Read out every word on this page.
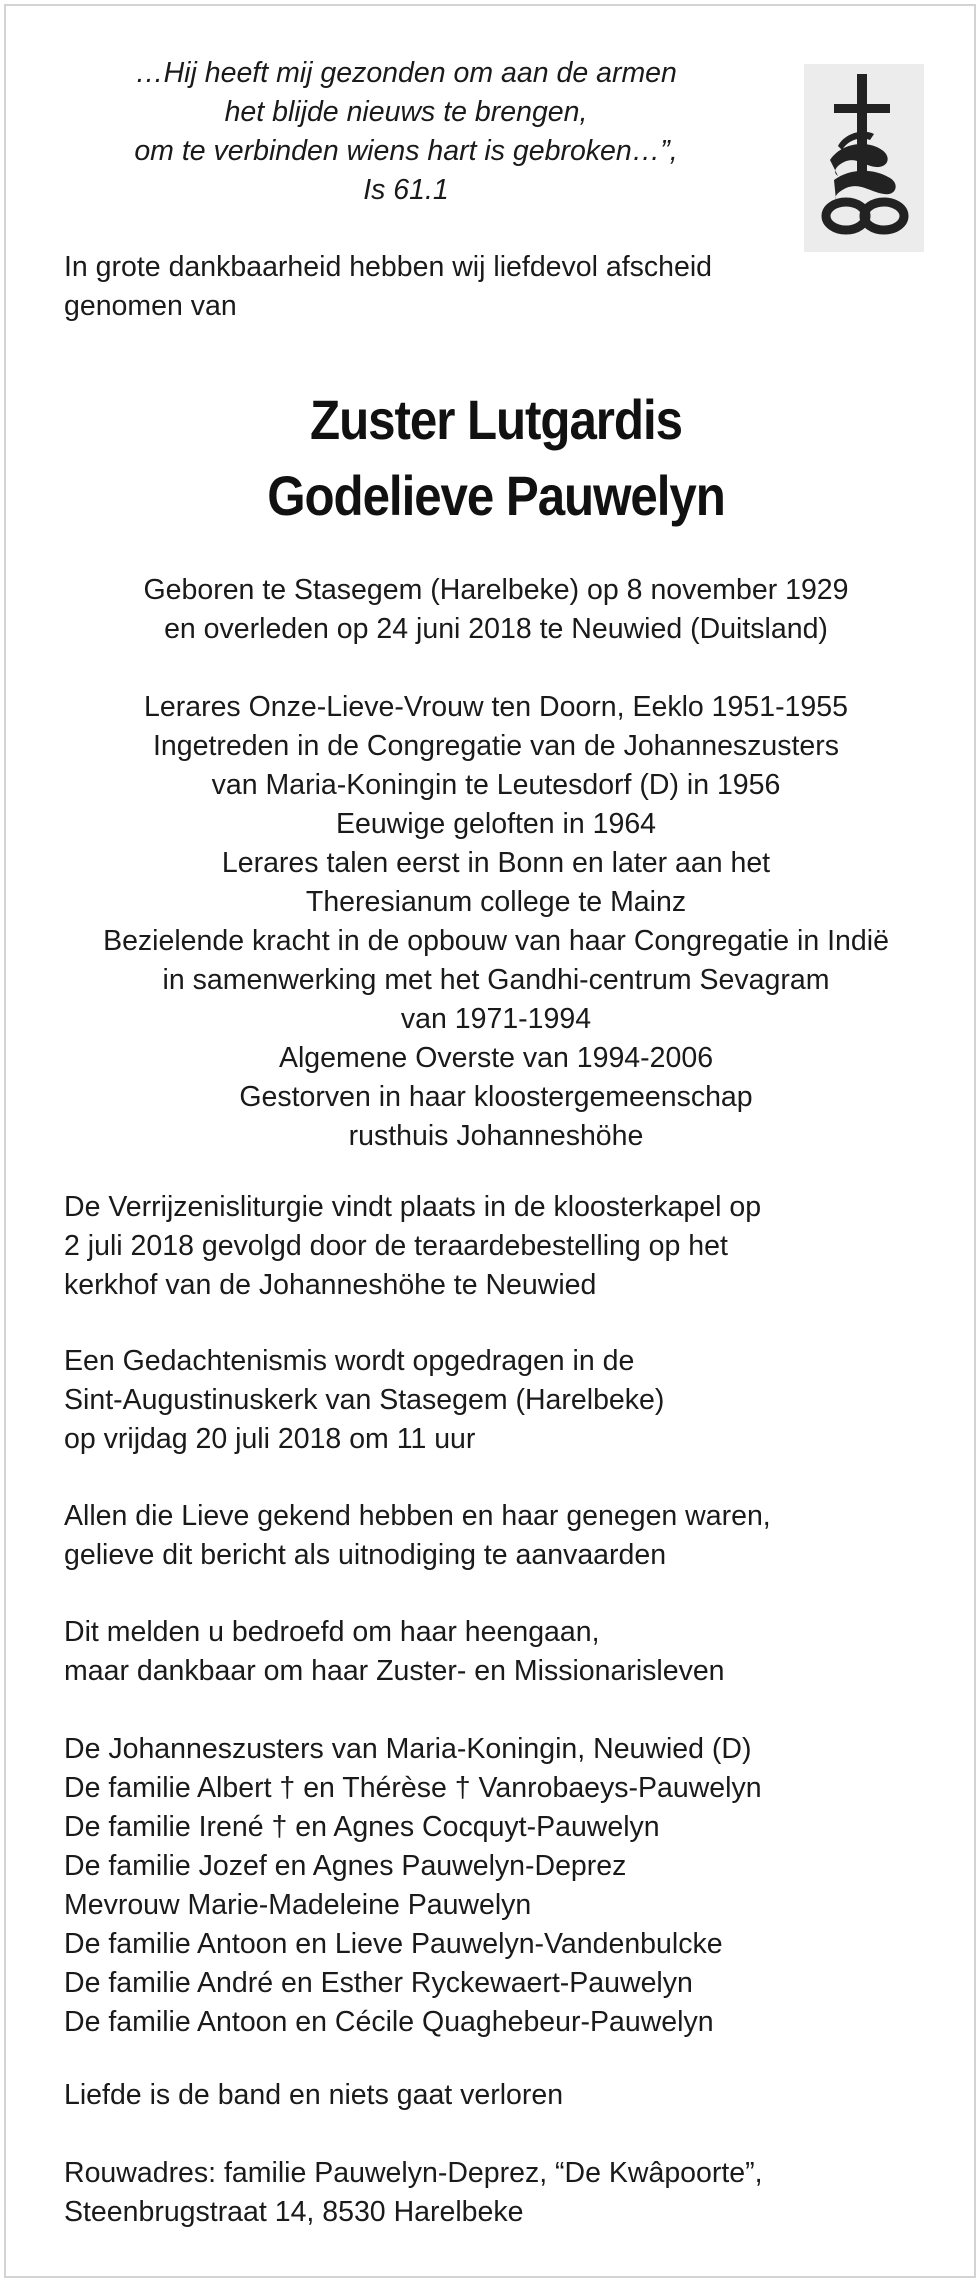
…Hij heeft mij gezonden om aan de armen
het blijde nieuws te brengen,
om te verbinden wiens hart is gebroken…”,
Is 61.1
In grote dankbaarheid hebben wij liefdevol afscheid
genomen van
Zuster Lutgardis
Godelieve Pauwelyn
Geboren te Stasegem (Harelbeke) op 8 november 1929
en overleden op 24 juni 2018 te Neuwied (Duitsland)
Lerares Onze-Lieve-Vrouw ten Doorn, Eeklo 1951-1955
Ingetreden in de Congregatie van de Johanneszusters
van Maria-Koningin te Leutesdorf (D) in 1956
Eeuwige geloften in 1964
Lerares talen eerst in Bonn en later aan het
Theresianum college te Mainz
Bezielende kracht in de opbouw van haar Congregatie in Indië
in samenwerking met het Gandhi-centrum Sevagram
van 1971-1994
Algemene Overste van 1994-2006
Gestorven in haar kloostergemeenschap
rusthuis Johanneshöhe
De Verrijzenisliturgie vindt plaats in de kloosterkapel op
2 juli 2018 gevolgd door de teraardebestelling op het
kerkhof van de Johanneshöhe te Neuwied
Een Gedachtenismis wordt opgedragen in de
Sint-Augustinuskerk van Stasegem (Harelbeke)
op vrijdag 20 juli 2018 om 11 uur
Allen die Lieve gekend hebben en haar genegen waren,
gelieve dit bericht als uitnodiging te aanvaarden
Dit melden u bedroefd om haar heengaan,
maar dankbaar om haar Zuster- en Missionarisleven
De Johanneszusters van Maria-Koningin, Neuwied (D)
De familie Albert † en Thérèse † Vanrobaeys-Pauwelyn
De familie Irené † en Agnes Cocquyt-Pauwelyn
De familie Jozef en Agnes Pauwelyn-Deprez
Mevrouw Marie-Madeleine Pauwelyn
De familie Antoon en Lieve Pauwelyn-Vandenbulcke
De familie André en Esther Ryckewaert-Pauwelyn
De familie Antoon en Cécile Quaghebeur-Pauwelyn
Liefde is de band en niets gaat verloren
Rouwadres: familie Pauwelyn-Deprez, “De Kwâpoorte”,
Steenbrugstraat 14, 8530 Harelbeke
